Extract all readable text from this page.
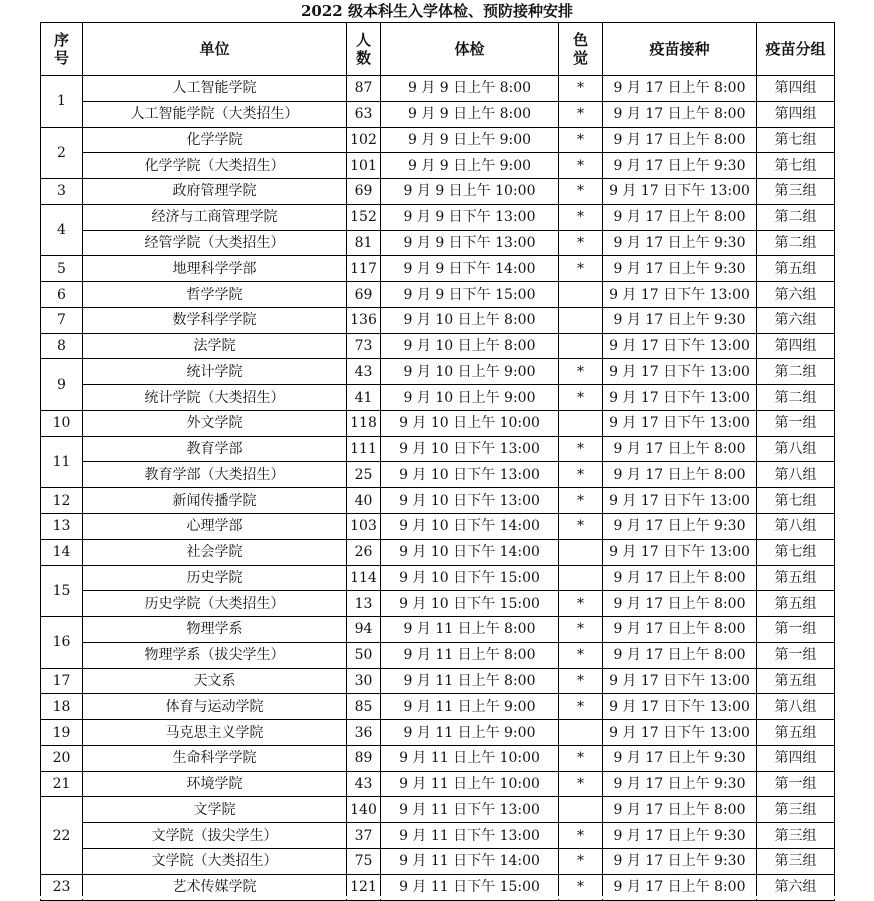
2022 级本科生入学体检、预防接种安排
序号	单位	人数	体检	色觉	疫苗接种	疫苗分组
1	人工智能学院	87	9 月 9 日上午 8:00	*	9 月 17 日上午 8:00	第四组
	人工智能学院（大类招生）	63	9 月 9 日上午 8:00	*	9 月 17 日上午 8:00	第四组
2	化学学院	102	9 月 9 日上午 9:00	*	9 月 17 日上午 8:00	第七组
	化学学院（大类招生）	101	9 月 9 日上午 9:00	*	9 月 17 日上午 9:30	第七组
3	政府管理学院	69	9 月 9 日上午 10:00	*	9 月 17 日下午 13:00	第三组
4	经济与工商管理学院	152	9 月 9 日下午 13:00	*	9 月 17 日上午 8:00	第二组
	经管学院（大类招生）	81	9 月 9 日下午 13:00	*	9 月 17 日上午 9:30	第二组
5	地理科学学部	117	9 月 9 日下午 14:00	*	9 月 17 日上午 9:30	第五组
6	哲学学院	69	9 月 9 日下午 15:00		9 月 17 日下午 13:00	第六组
7	数学科学学院	136	9 月 10 日上午 8:00		9 月 17 日上午 9:30	第六组
8	法学院	73	9 月 10 日上午 8:00		9 月 17 日下午 13:00	第四组
9	统计学院	43	9 月 10 日上午 9:00	*	9 月 17 日下午 13:00	第二组
	统计学院（大类招生）	41	9 月 10 日上午 9:00	*	9 月 17 日下午 13:00	第二组
10	外文学院	118	9 月 10 日上午 10:00		9 月 17 日下午 13:00	第一组
11	教育学部	111	9 月 10 日下午 13:00	*	9 月 17 日上午 8:00	第八组
	教育学部（大类招生）	25	9 月 10 日下午 13:00	*	9 月 17 日上午 8:00	第八组
12	新闻传播学院	40	9 月 10 日下午 13:00	*	9 月 17 日下午 13:00	第七组
13	心理学部	103	9 月 10 日下午 14:00	*	9 月 17 日上午 9:30	第八组
14	社会学院	26	9 月 10 日下午 14:00		9 月 17 日下午 13:00	第七组
15	历史学院	114	9 月 10 日下午 15:00		9 月 17 日上午 8:00	第五组
	历史学院（大类招生）	13	9 月 10 日下午 15:00	*	9 月 17 日上午 8:00	第五组
16	物理学系	94	9 月 11 日上午 8:00	*	9 月 17 日上午 8:00	第一组
	物理学系（拔尖学生）	50	9 月 11 日上午 8:00	*	9 月 17 日上午 8:00	第一组
17	天文系	30	9 月 11 日上午 8:00	*	9 月 17 日下午 13:00	第五组
18	体育与运动学院	85	9 月 11 日上午 9:00	*	9 月 17 日下午 13:00	第八组
19	马克思主义学院	36	9 月 11 日上午 9:00		9 月 17 日下午 13:00	第五组
20	生命科学学院	89	9 月 11 日上午 10:00	*	9 月 17 日上午 9:30	第四组
21	环境学院	43	9 月 11 日上午 10:00	*	9 月 17 日上午 9:30	第一组
22	文学院	140	9 月 11 日下午 13:00		9 月 17 日上午 8:00	第三组
	文学院（拔尖学生）	37	9 月 11 日下午 13:00	*	9 月 17 日上午 9:30	第三组
	文学院（大类招生）	75	9 月 11 日下午 14:00	*	9 月 17 日上午 9:30	第三组
23	艺术传媒学院	121	9 月 11 日下午 15:00	*	9 月 17 日上午 8:00	第六组
